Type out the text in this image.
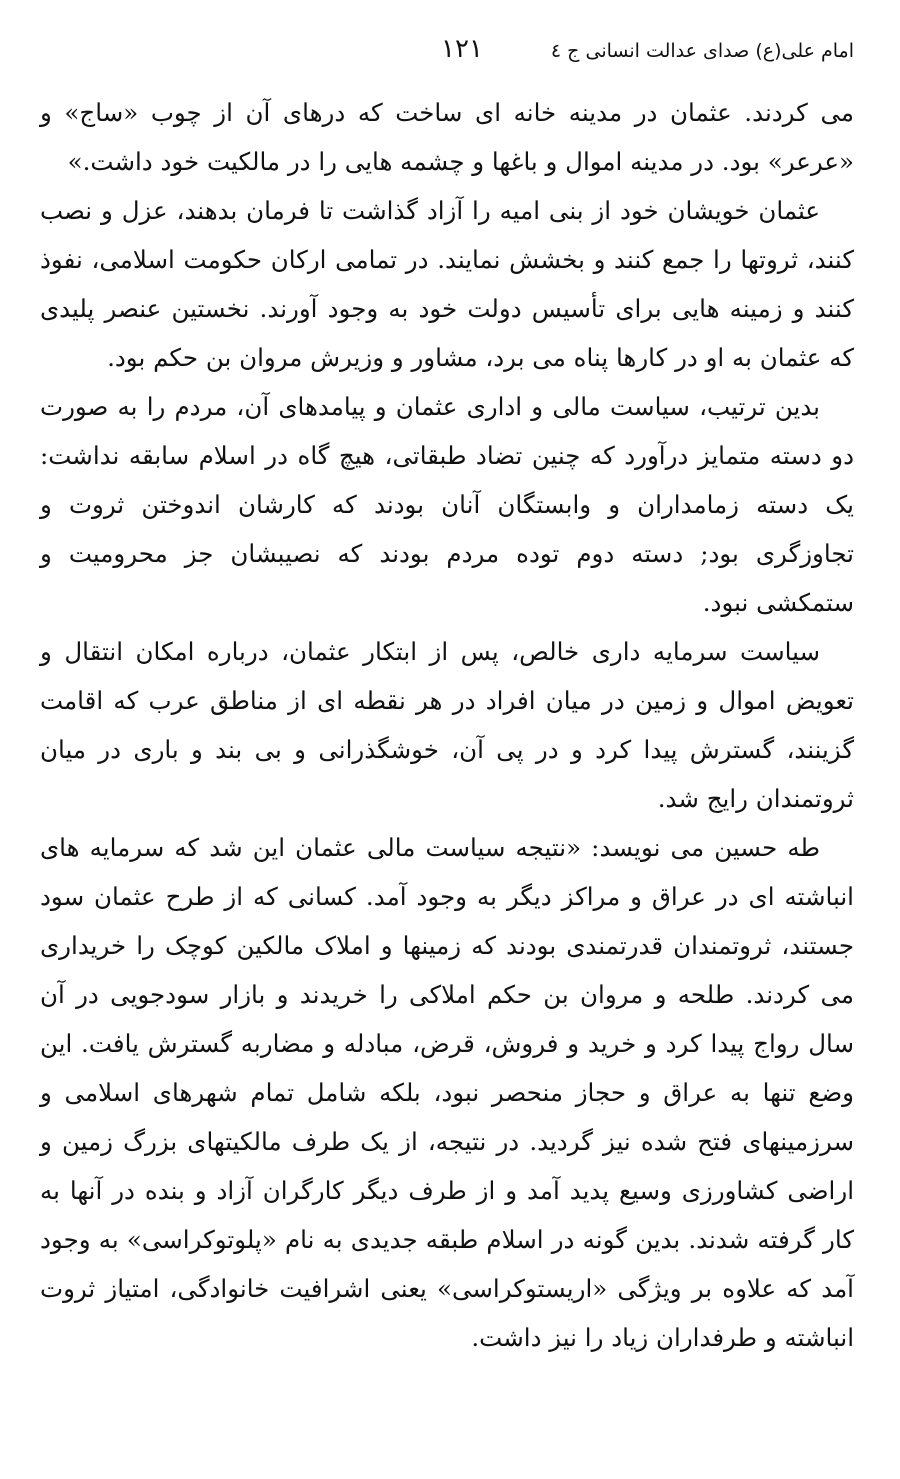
امام علی(ع) صدای عدالت انسانی ج ٤
۱۲۱

می کردند. عثمان در مدینه خانه ای ساخت که درهای آن از چوب «ساج» و «عرعر» بود. در مدینه اموال و باغها و چشمه هایی را در مالکیت خود داشت.»

عثمان خویشان خود از بنی امیه را آزاد گذاشت تا فرمان بدهند، عزل و نصب کنند، ثروتها را جمع کنند و بخشش نمایند. در تمامی ارکان حکومت اسلامی، نفوذ کنند و زمینه هایی برای تأسیس دولت خود به وجود آورند. نخستین عنصر پلیدی که عثمان به او در کارها پناه می برد، مشاور و وزیرش مروان بن حکم بود.

بدین ترتیب، سیاست مالی و اداری عثمان و پیامدهای آن، مردم را به صورت دو دسته متمایز درآورد که چنین تضاد طبقاتی، هیچ گاه در اسلام سابقه نداشت: یک دسته زمامداران و وابستگان آنان بودند که کارشان اندوختن ثروت و تجاوزگری بود; دسته دوم توده مردم بودند که نصیبشان جز محرومیت و ستمکشی نبود.

سیاست سرمایه داری خالص، پس از ابتکار عثمان، درباره امکان انتقال و تعویض اموال و زمین در میان افراد در هر نقطه ای از مناطق عرب که اقامت گزینند، گسترش پیدا کرد و در پی آن، خوشگذرانی و بی بند و باری در میان ثروتمندان رایج شد.

طه حسین می نویسد: «نتیجه سیاست مالی عثمان این شد که سرمایه های انباشته ای در عراق و مراکز دیگر به وجود آمد. کسانی که از طرح عثمان سود جستند، ثروتمندان قدرتمندی بودند که زمینها و املاک مالکین کوچک را خریداری می کردند. طلحه و مروان بن حکم املاکی را خریدند و بازار سودجویی در آن سال رواج پیدا کرد و خرید و فروش، قرض، مبادله و مضاربه گسترش یافت. این وضع تنها به عراق و حجاز منحصر نبود، بلکه شامل تمام شهرهای اسلامی و سرزمینهای فتح شده نیز گردید. در نتیجه، از یک طرف مالکیتهای بزرگ زمین و اراضی کشاورزی وسیع پدید آمد و از طرف دیگر کارگران آزاد و بنده در آنها به کار گرفته شدند. بدین گونه در اسلام طبقه جدیدی به نام «پلوتوکراسی» به وجود آمد که علاوه بر ویژگی «اریستوکراسی» یعنی اشرافیت خانوادگی، امتیاز ثروت انباشته و طرفداران زیاد را نیز داشت.
